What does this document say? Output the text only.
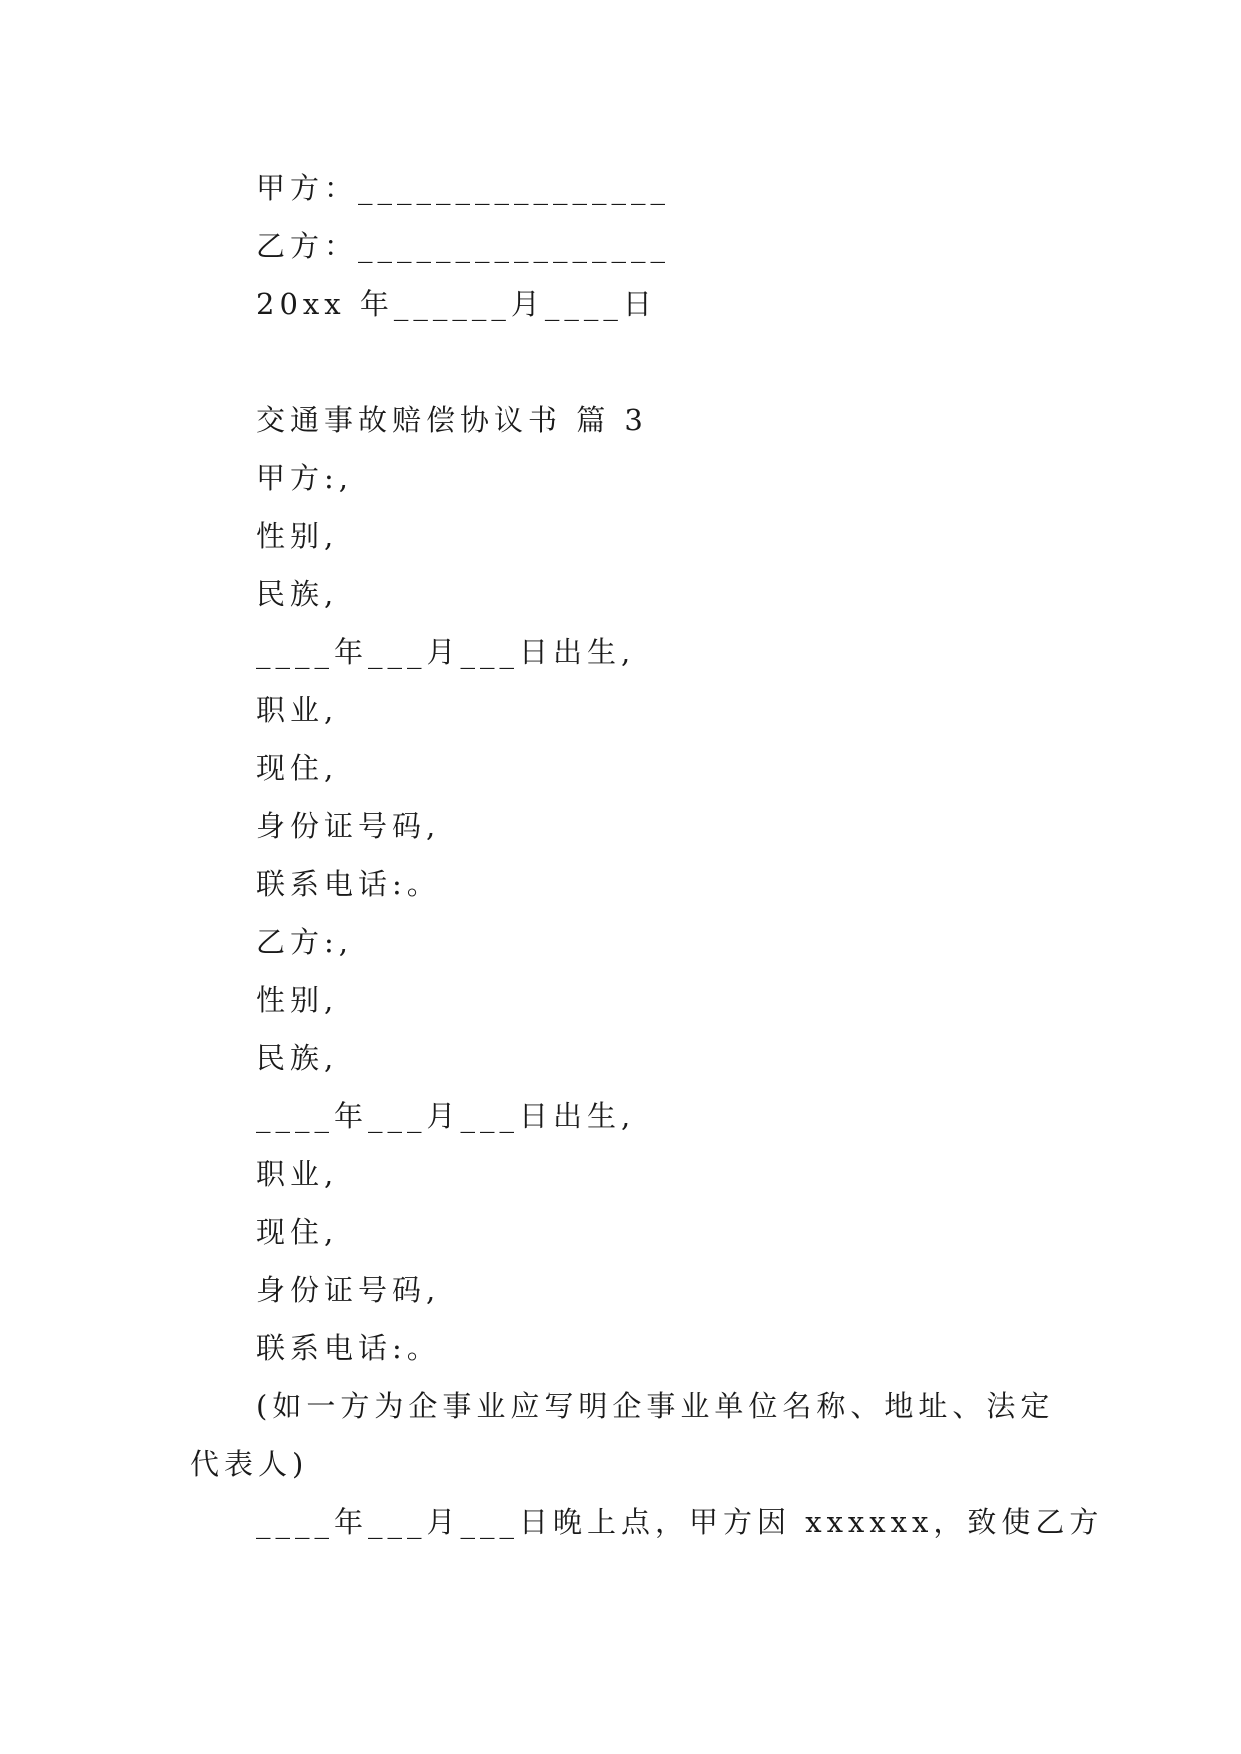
甲方：________________
乙方：________________
20xx 年______月____日
交通事故赔偿协议书 篇 3
甲方:,
性别,
民族,
____年___月___日出生,
职业,
现住,
身份证号码,
联系电话:。
乙方:,
性别,
民族,
____年___月___日出生,
职业,
现住,
身份证号码,
联系电话:。
(如一方为企事业应写明企事业单位名称、地址、法定
代表人)
____年___月___日晚上点，甲方因 xxxxxx，致使乙方
